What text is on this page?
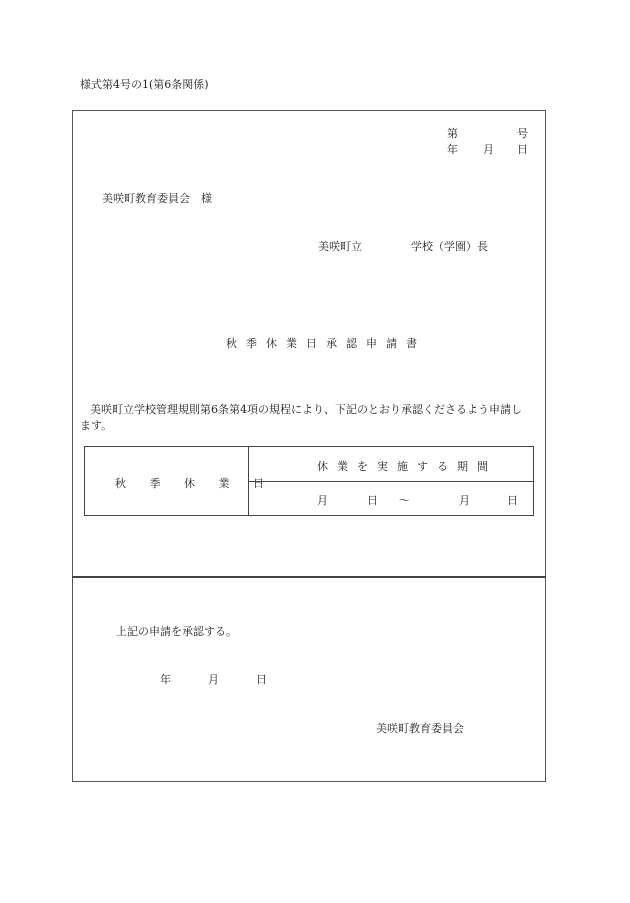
様式第4号の1(第6条関係)
第	号
年 月 日
美咲町教育委員会　様
美咲町立	学校（学園）長
秋季休業日承認申請書
美咲町立学校管理規則第6条第4項の規程により、下記のとおり承認くださるよう申請します。
秋 季 休 業 日
休業を実施する期間
月	日 ～	月	日
上記の申請を承認する。
年	月	日
美咲町教育委員会
